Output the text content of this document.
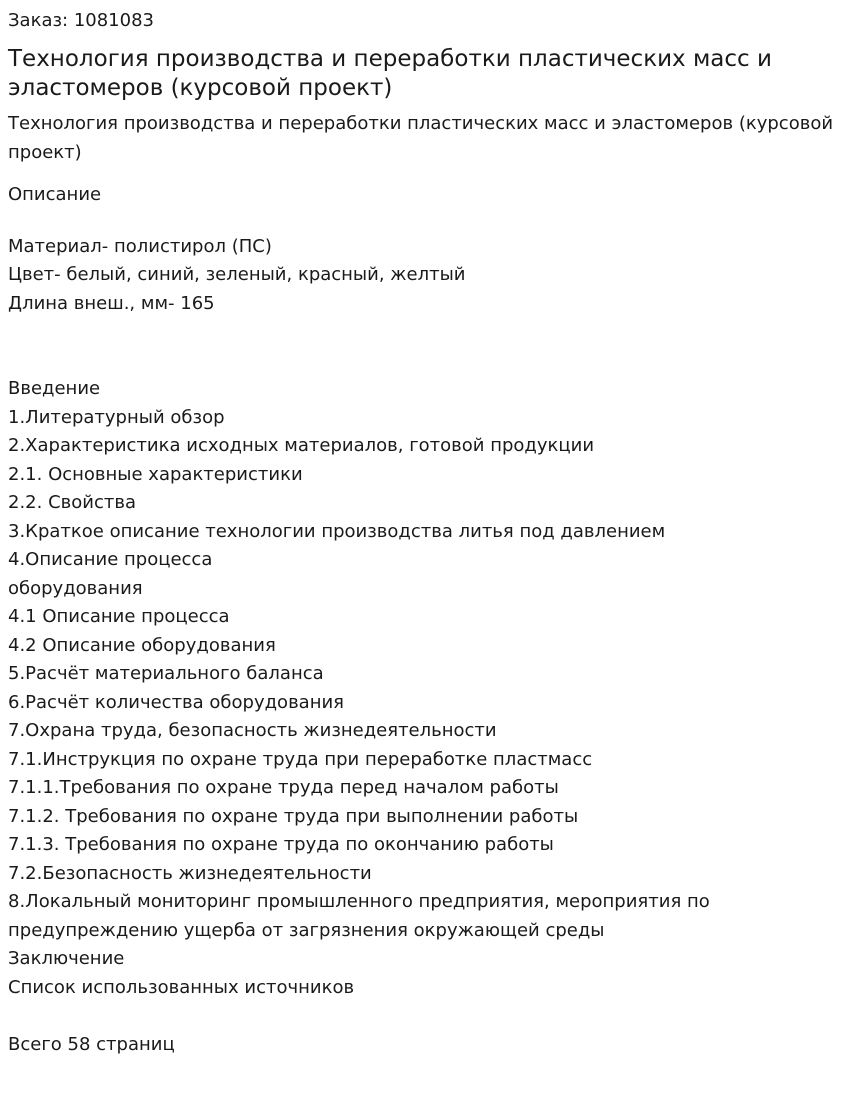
Заказ: 1081083
Технология производства и переработки пластических масс и эластомеров (курсовой проект)
Технология производства и переработки пластических масс и эластомеров (курсовой проект)
Описание
Материал- полистирол (ПС)
Цвет- белый, синий, зеленый, красный, желтый
Длина внеш., мм- 165
Введение
1.Литературный обзор
2.Характеристика исходных материалов, готовой продукции
2.1. Основные характеристики
2.2. Свойства
3.Краткое описание технологии производства литья под давлением
4.Описание процесса
оборудования
4.1 Описание процесса
4.2 Описание оборудования
5.Расчёт материального баланса
6.Расчёт количества оборудования
7.Охрана труда, безопасность жизнедеятельности
7.1.Инструкция по охране труда при переработке пластмасс
7.1.1.Требования по охране труда перед началом работы
7.1.2. Требования по охране труда при выполнении работы
7.1.3. Требования по охране труда по окончанию работы
7.2.Безопасность жизнедеятельности
8.Локальный мониторинг промышленного предприятия, мероприятия по предупреждению ущерба от загрязнения окружающей среды
Заключение
Список использованных источников
Всего 58 страниц
